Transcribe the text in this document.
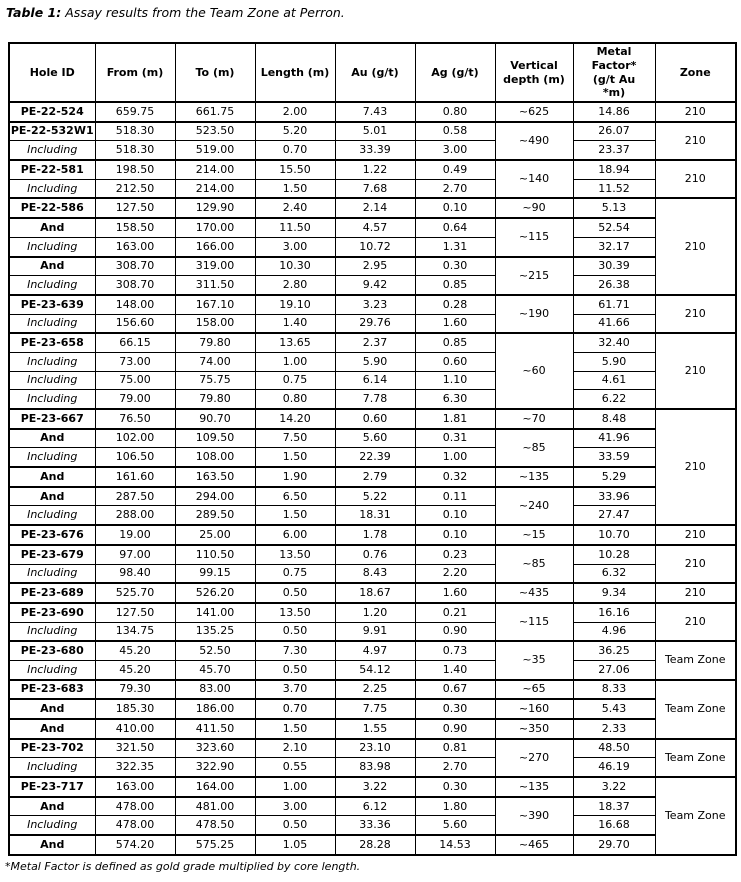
Table 1: Assay results from the Team Zone at Perron.
Hole ID	From (m)	To (m)	Length (m)	Au (g/t)	Ag (g/t)	Vertical depth (m)	Metal Factor* (g/t Au *m)	Zone
PE-22-524	659.75	661.75	2.00	7.43	0.80	~625	14.86	210
PE-22-532W1	518.30	523.50	5.20	5.01	0.58	~490	26.07	210
Including	518.30	519.00	0.70	33.39	3.00		23.37	
PE-22-581	198.50	214.00	15.50	1.22	0.49	~140	18.94	210
Including	212.50	214.00	1.50	7.68	2.70		11.52	
PE-22-586	127.50	129.90	2.40	2.14	0.10	~90	5.13	210
And	158.50	170.00	11.50	4.57	0.64	~115	52.54	
Including	163.00	166.00	3.00	10.72	1.31		32.17	
And	308.70	319.00	10.30	2.95	0.30	~215	30.39	
Including	308.70	311.50	2.80	9.42	0.85		26.38	
PE-23-639	148.00	167.10	19.10	3.23	0.28	~190	61.71	210
Including	156.60	158.00	1.40	29.76	1.60		41.66	
PE-23-658	66.15	79.80	13.65	2.37	0.85	~60	32.40	210
Including	73.00	74.00	1.00	5.90	0.60		5.90	
Including	75.00	75.75	0.75	6.14	1.10		4.61	
Including	79.00	79.80	0.80	7.78	6.30		6.22	
PE-23-667	76.50	90.70	14.20	0.60	1.81	~70	8.48	210
And	102.00	109.50	7.50	5.60	0.31	~85	41.96	
Including	106.50	108.00	1.50	22.39	1.00		33.59	
And	161.60	163.50	1.90	2.79	0.32	~135	5.29	
And	287.50	294.00	6.50	5.22	0.11	~240	33.96	
Including	288.00	289.50	1.50	18.31	0.10		27.47	
PE-23-676	19.00	25.00	6.00	1.78	0.10	~15	10.70	210
PE-23-679	97.00	110.50	13.50	0.76	0.23	~85	10.28	210
Including	98.40	99.15	0.75	8.43	2.20		6.32	
PE-23-689	525.70	526.20	0.50	18.67	1.60	~435	9.34	210
PE-23-690	127.50	141.00	13.50	1.20	0.21	~115	16.16	210
Including	134.75	135.25	0.50	9.91	0.90		4.96	
PE-23-680	45.20	52.50	7.30	4.97	0.73	~35	36.25	Team Zone
Including	45.20	45.70	0.50	54.12	1.40		27.06	
PE-23-683	79.30	83.00	3.70	2.25	0.67	~65	8.33	Team Zone
And	185.30	186.00	0.70	7.75	0.30	~160	5.43	
And	410.00	411.50	1.50	1.55	0.90	~350	2.33	
PE-23-702	321.50	323.60	2.10	23.10	0.81	~270	48.50	Team Zone
Including	322.35	322.90	0.55	83.98	2.70		46.19	
PE-23-717	163.00	164.00	1.00	3.22	0.30	~135	3.22	Team Zone
And	478.00	481.00	3.00	6.12	1.80	~390	18.37	
Including	478.00	478.50	0.50	33.36	5.60		16.68	
And	574.20	575.25	1.05	28.28	14.53	~465	29.70	
*Metal Factor is defined as gold grade multiplied by core length.
